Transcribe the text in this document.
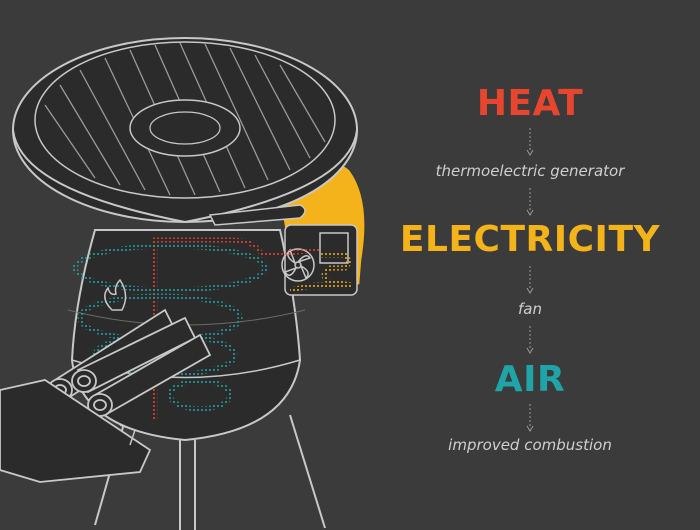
HEAT
thermoelectric generator
ELECTRICITY
fan
AIR
improved combustion
